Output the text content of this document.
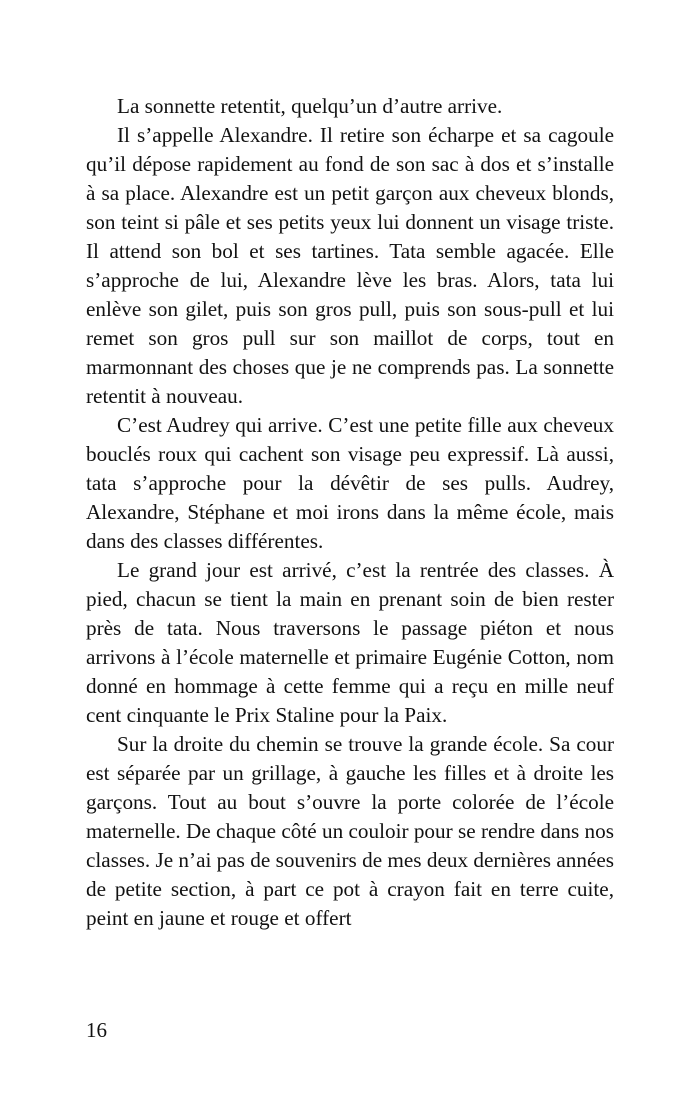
La sonnette retentit, quelqu’un d’autre arrive.

Il s’appelle Alexandre. Il retire son écharpe et sa cagoule qu’il dépose rapidement au fond de son sac à dos et s’installe à sa place. Alexandre est un petit garçon aux cheveux blonds, son teint si pâle et ses petits yeux lui donnent un visage triste. Il attend son bol et ses tartines. Tata semble agacée. Elle s’approche de lui, Alexandre lève les bras. Alors, tata lui enlève son gilet, puis son gros pull, puis son sous-pull et lui remet son gros pull sur son maillot de corps, tout en marmonnant des choses que je ne comprends pas. La sonnette retentit à nouveau.

C’est Audrey qui arrive. C’est une petite fille aux cheveux bouclés roux qui cachent son visage peu expressif. Là aussi, tata s’approche pour la dévêtir de ses pulls. Audrey, Alexandre, Stéphane et moi irons dans la même école, mais dans des classes différentes.

Le grand jour est arrivé, c’est la rentrée des classes. À pied, chacun se tient la main en prenant soin de bien rester près de tata. Nous traversons le passage piéton et nous arrivons à l’école maternelle et primaire Eugénie Cotton, nom donné en hommage à cette femme qui a reçu en mille neuf cent cinquante le Prix Staline pour la Paix.

Sur la droite du chemin se trouve la grande école. Sa cour est séparée par un grillage, à gauche les filles et à droite les garçons. Tout au bout s’ouvre la porte colorée de l’école maternelle. De chaque côté un couloir pour se rendre dans nos classes. Je n’ai pas de souvenirs de mes deux dernières années de petite section, à part ce pot à crayon fait en terre cuite, peint en jaune et rouge et offert

16
